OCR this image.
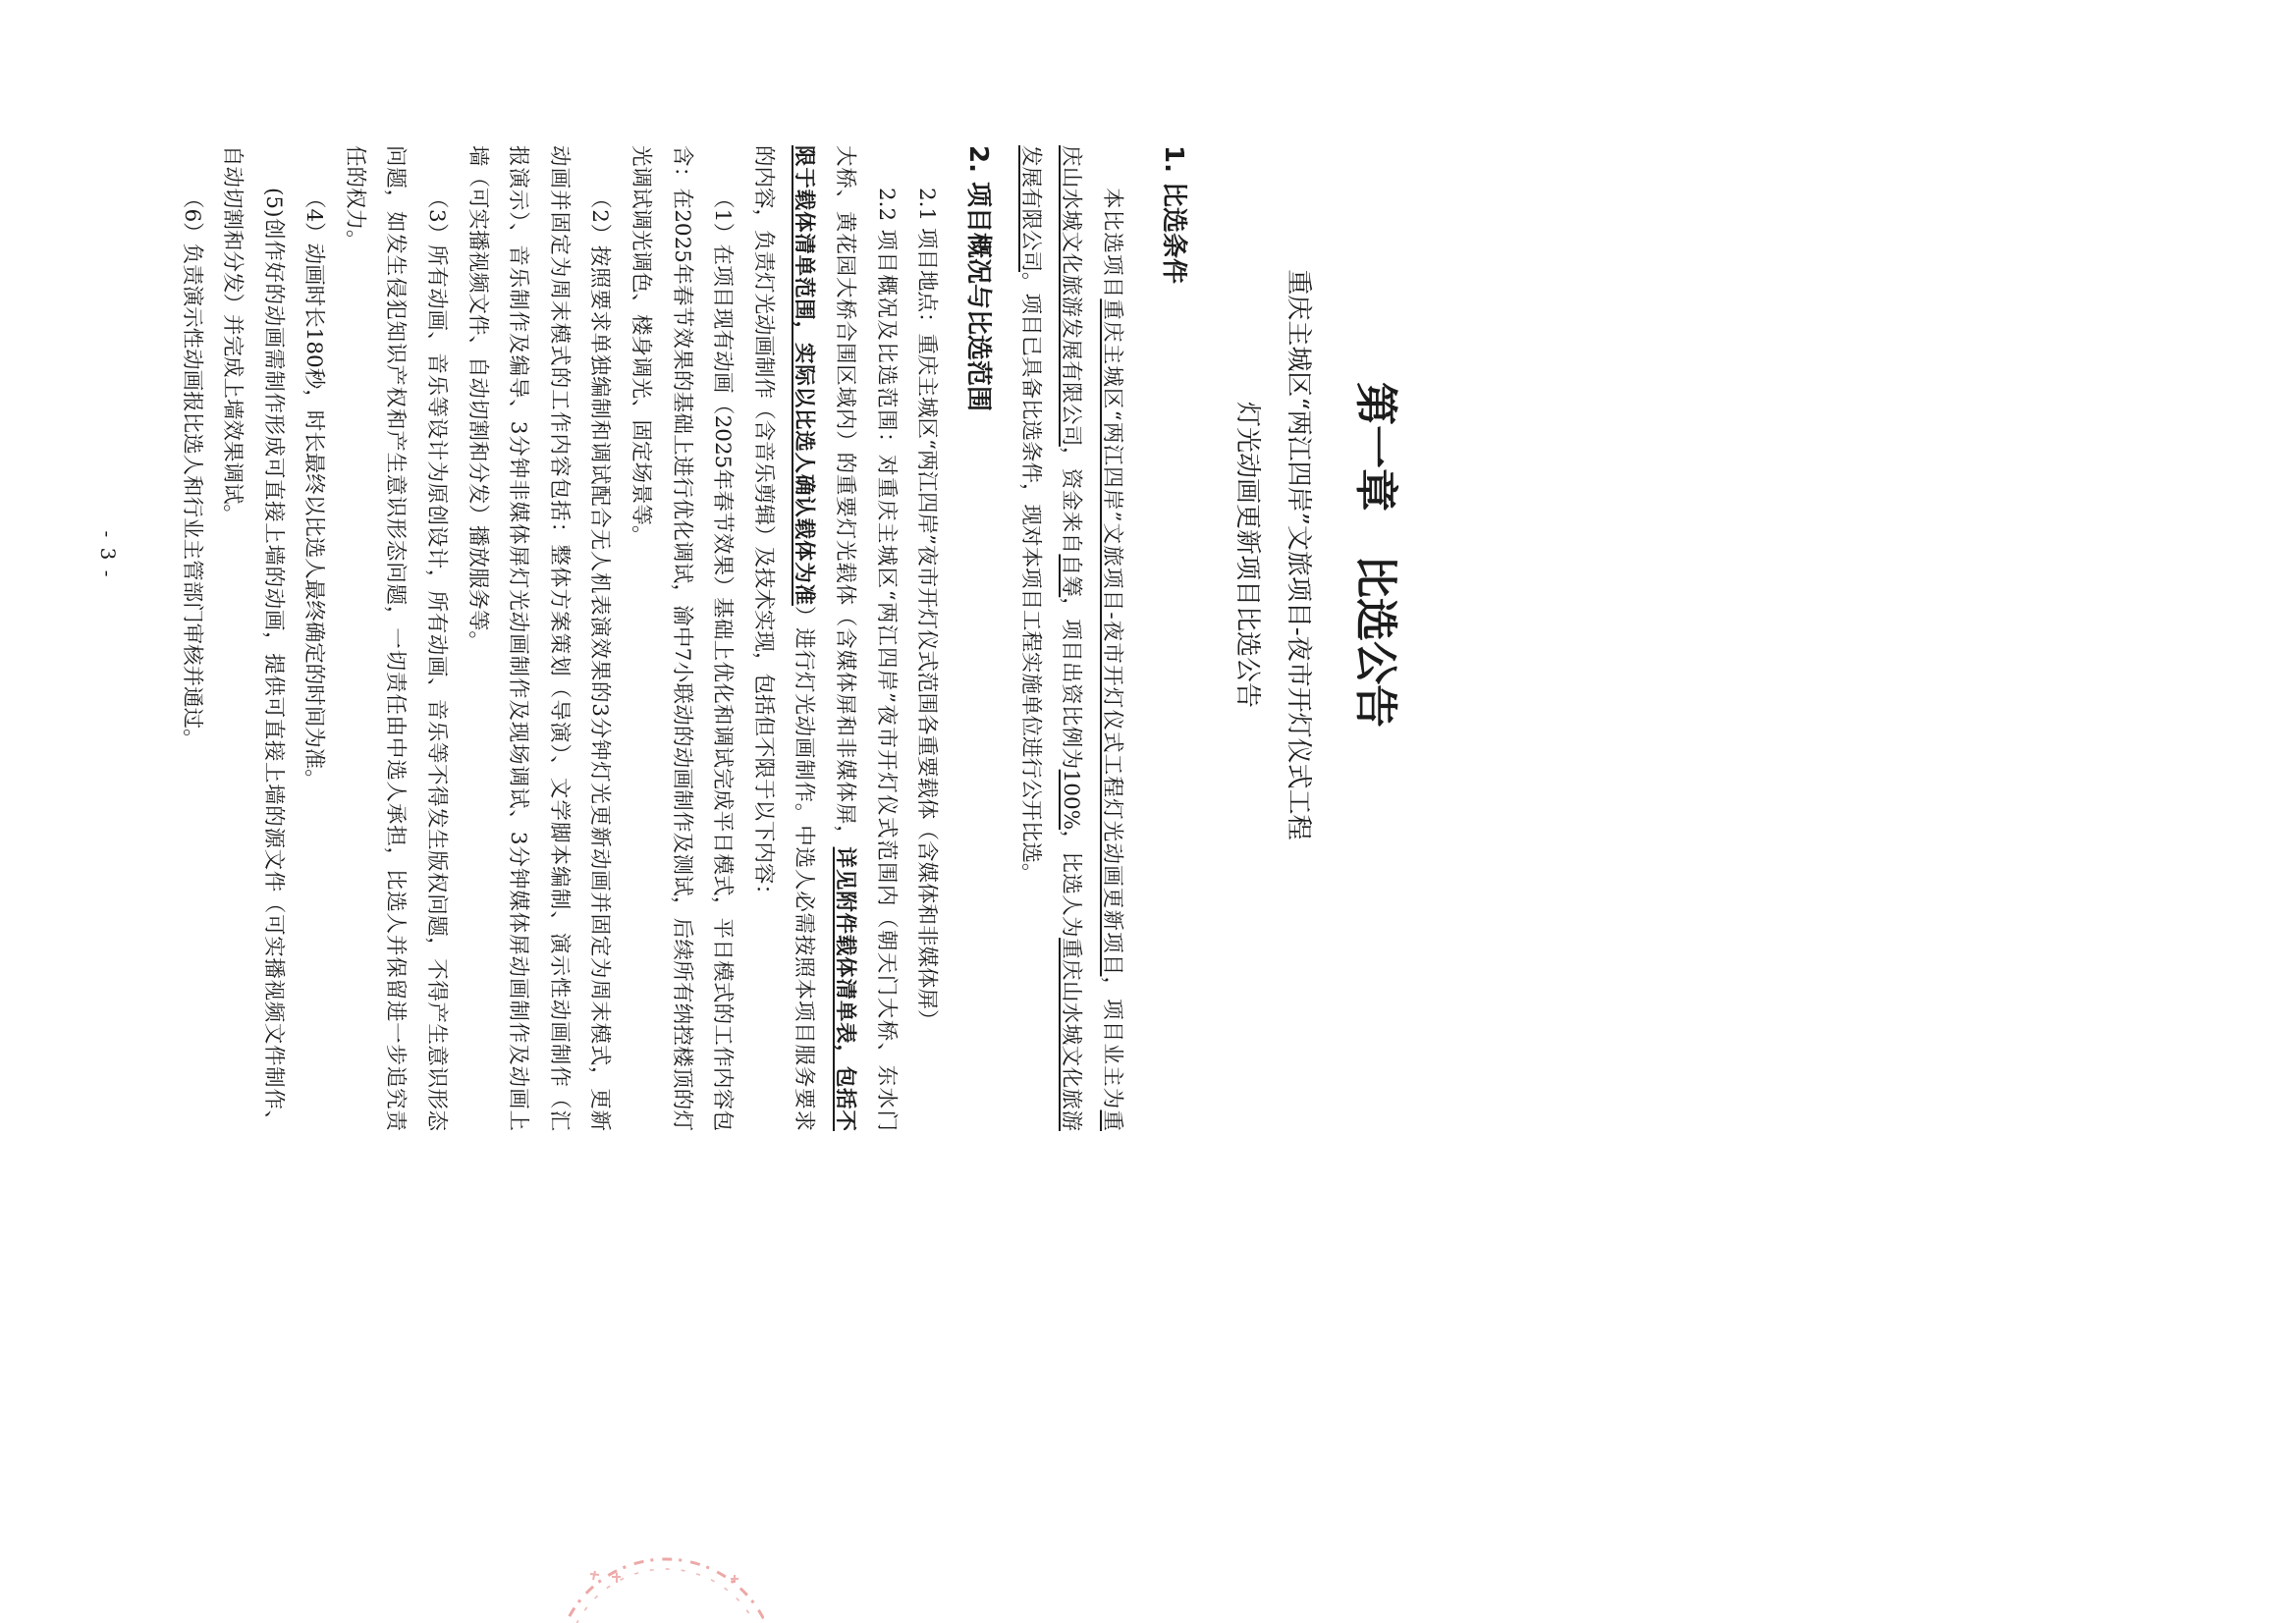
第一章　比选公告
重庆主城区“两江四岸”文旅项目-夜市开灯仪式工程
灯光动画更新项目比选公告
1. 比选条件
本比选项目重庆主城区“两江四岸”文旅项目-夜市开灯仪式工程灯光动画更新项目，项目业主为重
庆山水城文化旅游发展有限公司，资金来自自筹，项目出资比例为100%，比选人为重庆山水城文化旅游
发展有限公司。项目已具备比选条件，现对本项目工程实施单位进行公开比选。
2. 项目概况与比选范围
2.1 项目地点：重庆主城区“两江四岸”夜市开灯仪式范围各重要载体（含媒体和非媒体屏）
2.2 项目概况及比选范围：对重庆主城区“两江四岸”夜市开灯仪式范围内（朝天门大桥、东水门
大桥、黄花园大桥合围区域内）的重要灯光载体（含媒体屏和非媒体屏，详见附件载体清单表，包括不
限于载体清单范围，实际以比选人确认载体为准）进行灯光动画制作。中选人必需按照本项目服务要求
的内容，负责灯光动画制作（含音乐剪辑）及技术实现，包括但不限于以下内容：
（1）在项目现有动画（2025年春节效果）基础上优化和调试完成平日模式，平日模式的工作内容包
含：在2025年春节效果的基础上进行优化调试，渝中7小联动的动画制作及测试，后续所有纳控楼顶的灯
光调试调光调色、楼身调光、固定场景等。
（2）按照要求单独编制和调试配合无人机表演效果的3分钟灯光更新动画并固定为周末模式，更新
动画并固定为周末模式的工作内容包括：整体方案策划（导演）、文学脚本编制、演示性动画制作（汇
报演示）、音乐制作及编导、3分钟非媒体屏灯光动画制作及现场调试、3分钟媒体屏动画制作及动画上
墙（可实播视频文件、自动切割和分发）播放服务等。
（3）所有动画、音乐等设计为原创设计，所有动画、音乐等不得发生版权问题，不得产生意识形态
问题，如发生侵犯知识产权和产生意识形态问题，一切责任由中选人承担，比选人并保留进一步追究责
任的权力。
（4）动画时长180秒，时长最终以比选人最终确定的时间为准。
(5)创作好的动画需制作形成可直接上墙的动画，提供可直接上墙的源文件（可实播视频文件制作、
自动切割和分发）并完成上墙效果调试。
（6）负责演示性动画报比选人和行业主管部门审核并通过。
- 3 -
